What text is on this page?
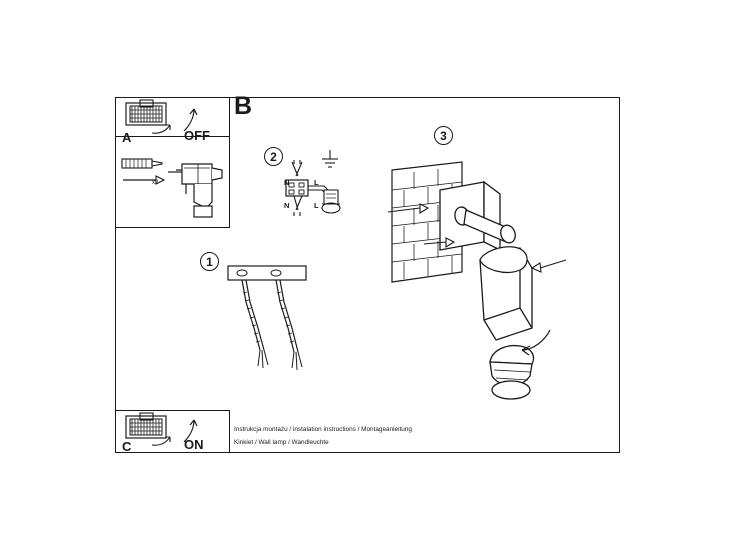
B
A	OFF
x2
1
2
N	L
N	L
3
C	ON
Instrukcja montażu / instalation instructions / Montageanleitung
Kinkiet / Wall lamp / Wandleuchte
